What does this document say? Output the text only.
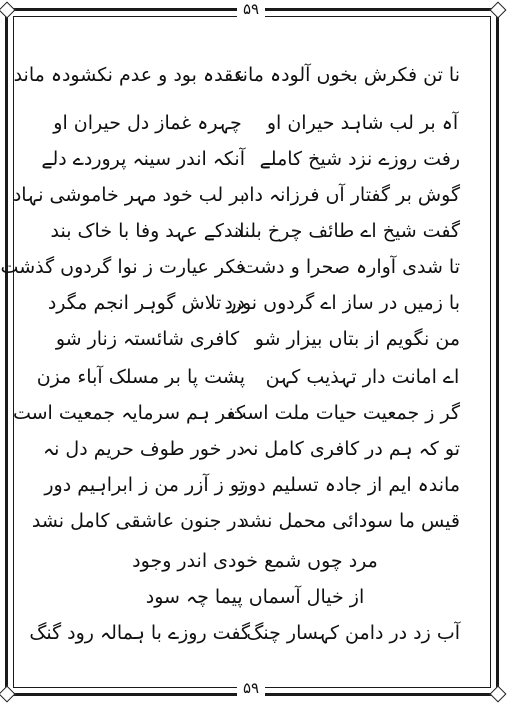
۵۹
۵۹
نا تن فکرش بخوں آلودہ ماند
عقدہ بود و عدم نکشودہ ماند
آہ بر لب شاہد حیران او
چہرہ غماز دل حیران او
رفت روزے نزد شیخ کاملے
آنکہ اندر سینہ پروردے دلے
گوش بر گفتار آں فرزانہ داد
بر لب خود مہر خاموشی نہاد
گفت شیخ اے طائف چرخ بلند
اندکے عہد وفا با خاک بند
تا شدی آوارہ صحرا و دشت
فکر عیارت ز نوا گردوں گذشت
با زمیں در ساز اے گردوں نورد
در تلاش گوہر انجم مگرد
من نگویم از بتاں بیزار شو
کافری شائستہ زنار شو
اے امانت دار تہذیب کہن
پشت پا بر مسلک آباء مزن
گر ز جمعیت حیات ملت است
کفر ہم سرمایہ جمعیت است
تو کہ ہم در کافری کامل نہ
در خور طوف حریم دل نہ
ماندہ ایم از جادہ تسلیم دور
تو ز آزر من ز ابراہیم دور
قیس ما سودائی محمل نشد
در جنون عاشقی کامل نشد
مرد چوں شمع خودی اندر وجود
از خیال آسماں پیما چہ سود
آب زد در دامن کہسار چنگ
گفت روزے با ہمالہ رود گنگ
